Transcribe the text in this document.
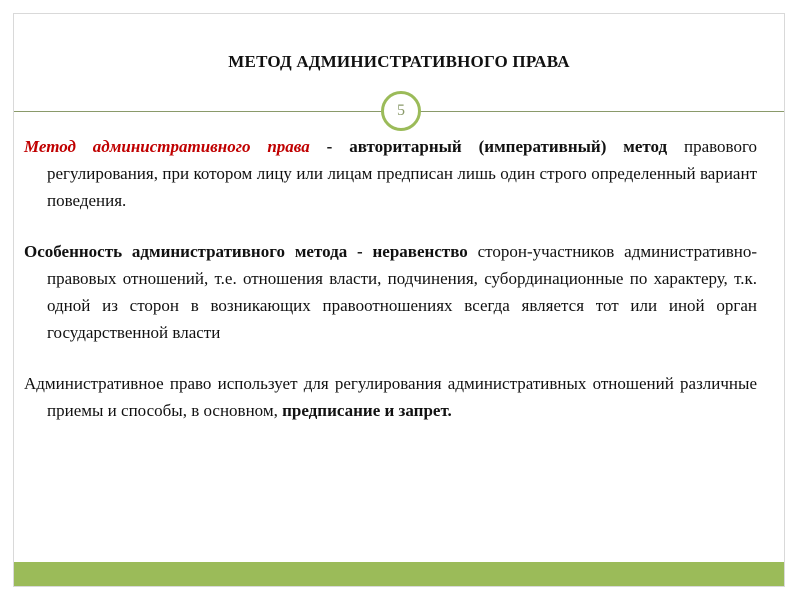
МЕТОД АДМИНИСТРАТИВНОГО ПРАВА
5

Метод административного права - авторитарный (императивный) метод правового регулирования, при котором лицу или лицам предписан лишь один строго определенный вариант поведения.

Особенность административного метода - неравенство сторон-участников административно-правовых отношений, т.е. отношения власти, подчинения, субординационные по характеру, т.к. одной из сторон в возникающих правоотношениях всегда является тот или иной орган государственной власти

Административное право использует для регулирования административных отношений различные приемы и способы, в основном, предписание и запрет.
